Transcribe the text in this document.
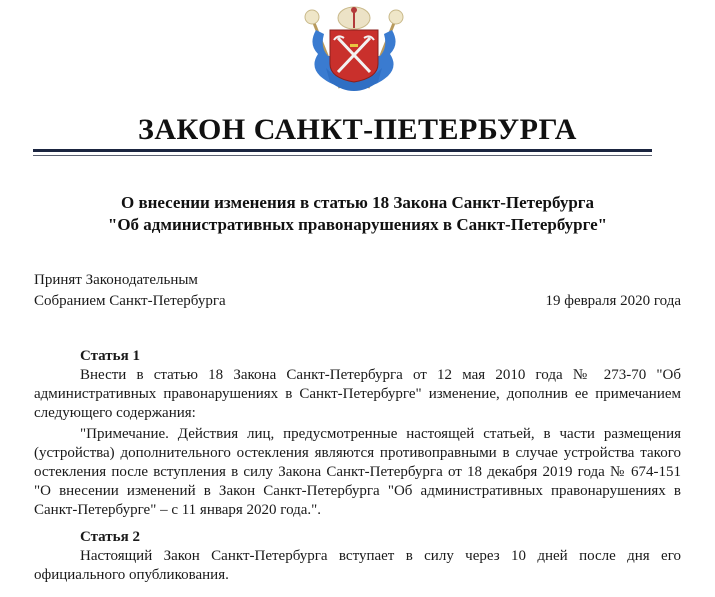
ЗАКОН САНКТ-ПЕТЕРБУРГА
О внесении изменения в статью 18 Закона Санкт-Петербурга
"Об административных правонарушениях в Санкт-Петербурге"
Принят Законодательным
Собранием Санкт-Петербурга	19 февраля 2020 года
Статья 1

Внести в статью 18 Закона Санкт-Петербурга от 12 мая 2010 года № 273-70 "Об административных правонарушениях в Санкт-Петербурге" изменение, дополнив ее примечанием следующего содержания:

"Примечание. Действия лиц, предусмотренные настоящей статьей, в части размещения (устройства) дополнительного остекления являются противоправными в случае устройства такого остекления после вступления в силу Закона Санкт-Петербурга от 18 декабря 2019 года № 674-151 "О внесении изменений в Закон Санкт-Петербурга "Об административных правонарушениях в Санкт-Петербурге" – с 11 января 2020 года.".

Статья 2

Настоящий Закон Санкт-Петербурга вступает в силу через 10 дней после дня его официального опубликования.
